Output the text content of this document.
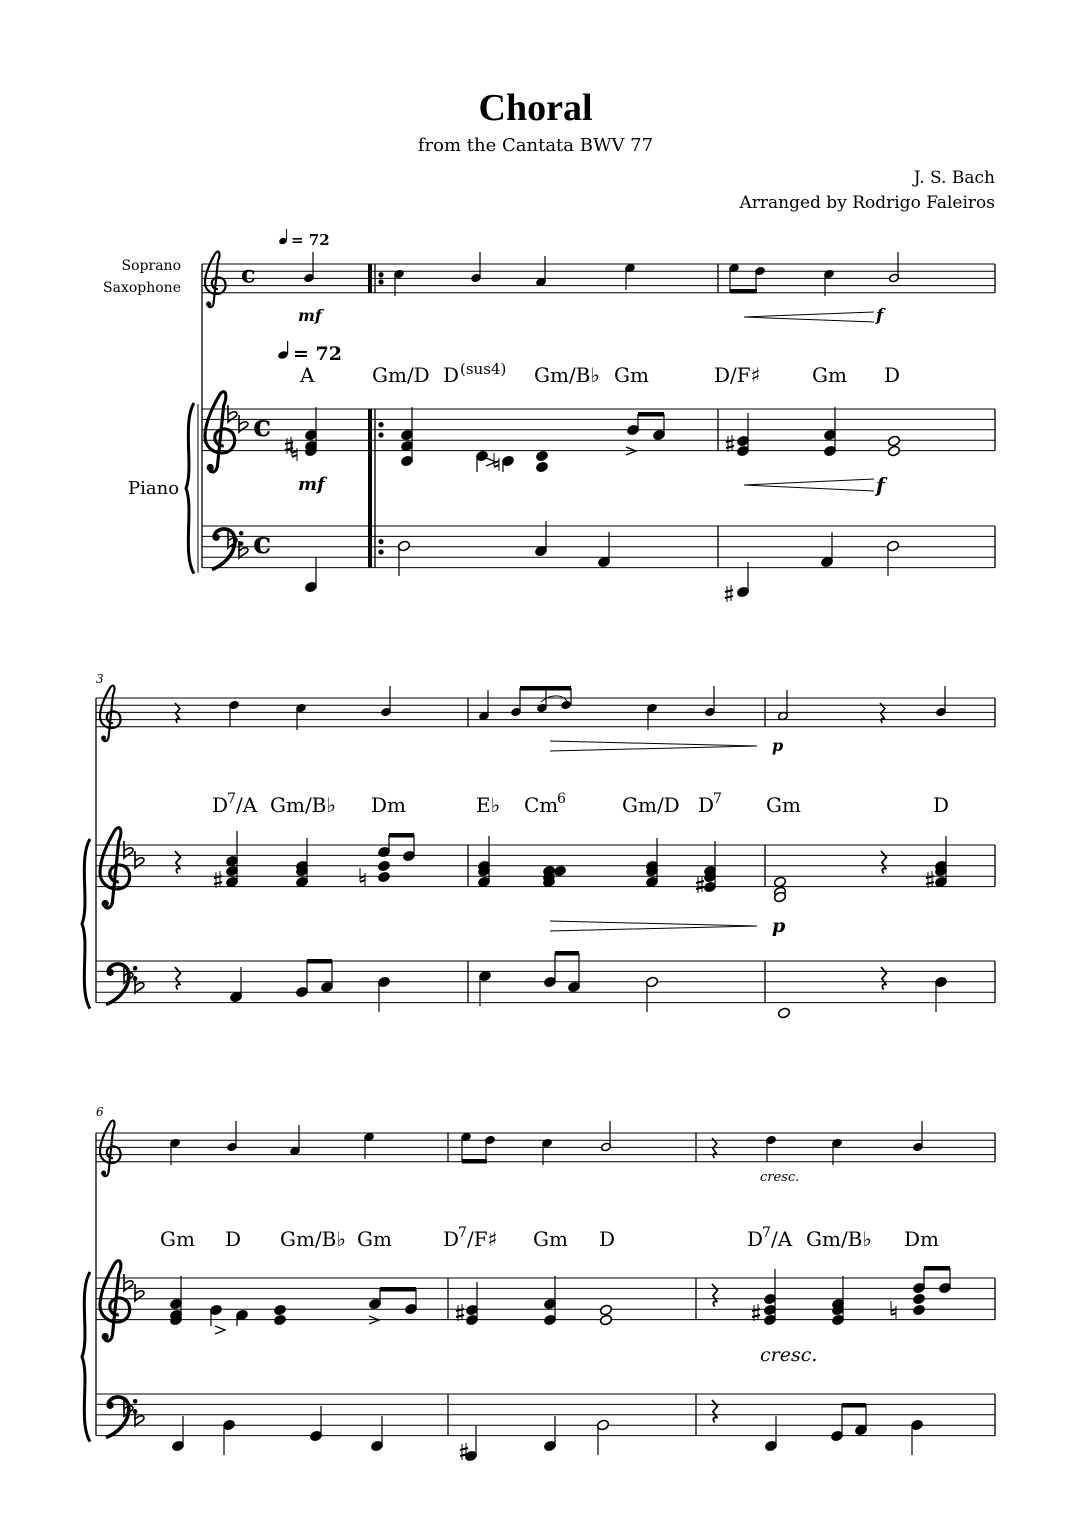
Choral
from the Cantata BWV 77
J. S. Bach
Arranged by Rodrigo Faleiros
Soprano
Saxophone
Piano
c
c
c
= 72
= 72
3
6
A	Gm/D D (sus4) Gm/B♭ Gm	D/F♯	Gm D
D
7 /A Gm/B♭ Dm	E♭ Cm
6	Gm/D D
7 Gm	D
Gm D Gm/B♭ Gm	D
7 /F♯ Gm D	D
7 /A Gm/B♭ Dm
mf	f
mf	f
p
p
cresc.
cresc.
